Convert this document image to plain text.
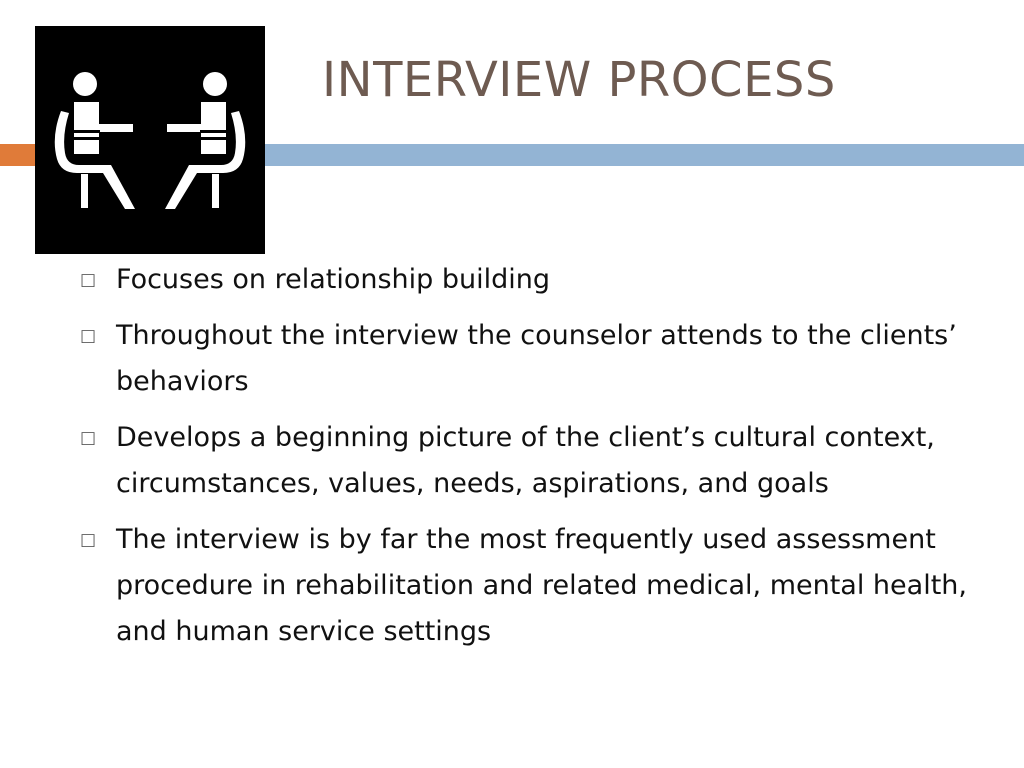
INTERVIEW PROCESS
□ Focuses on relationship building
□ Throughout the interview the counselor attends to the clients’ behaviors
□ Develops a beginning picture of the client’s cultural context, circumstances, values, needs, aspirations, and goals
□ The interview is by far the most frequently used assessment procedure in rehabilitation and related medical, mental health, and human service settings
